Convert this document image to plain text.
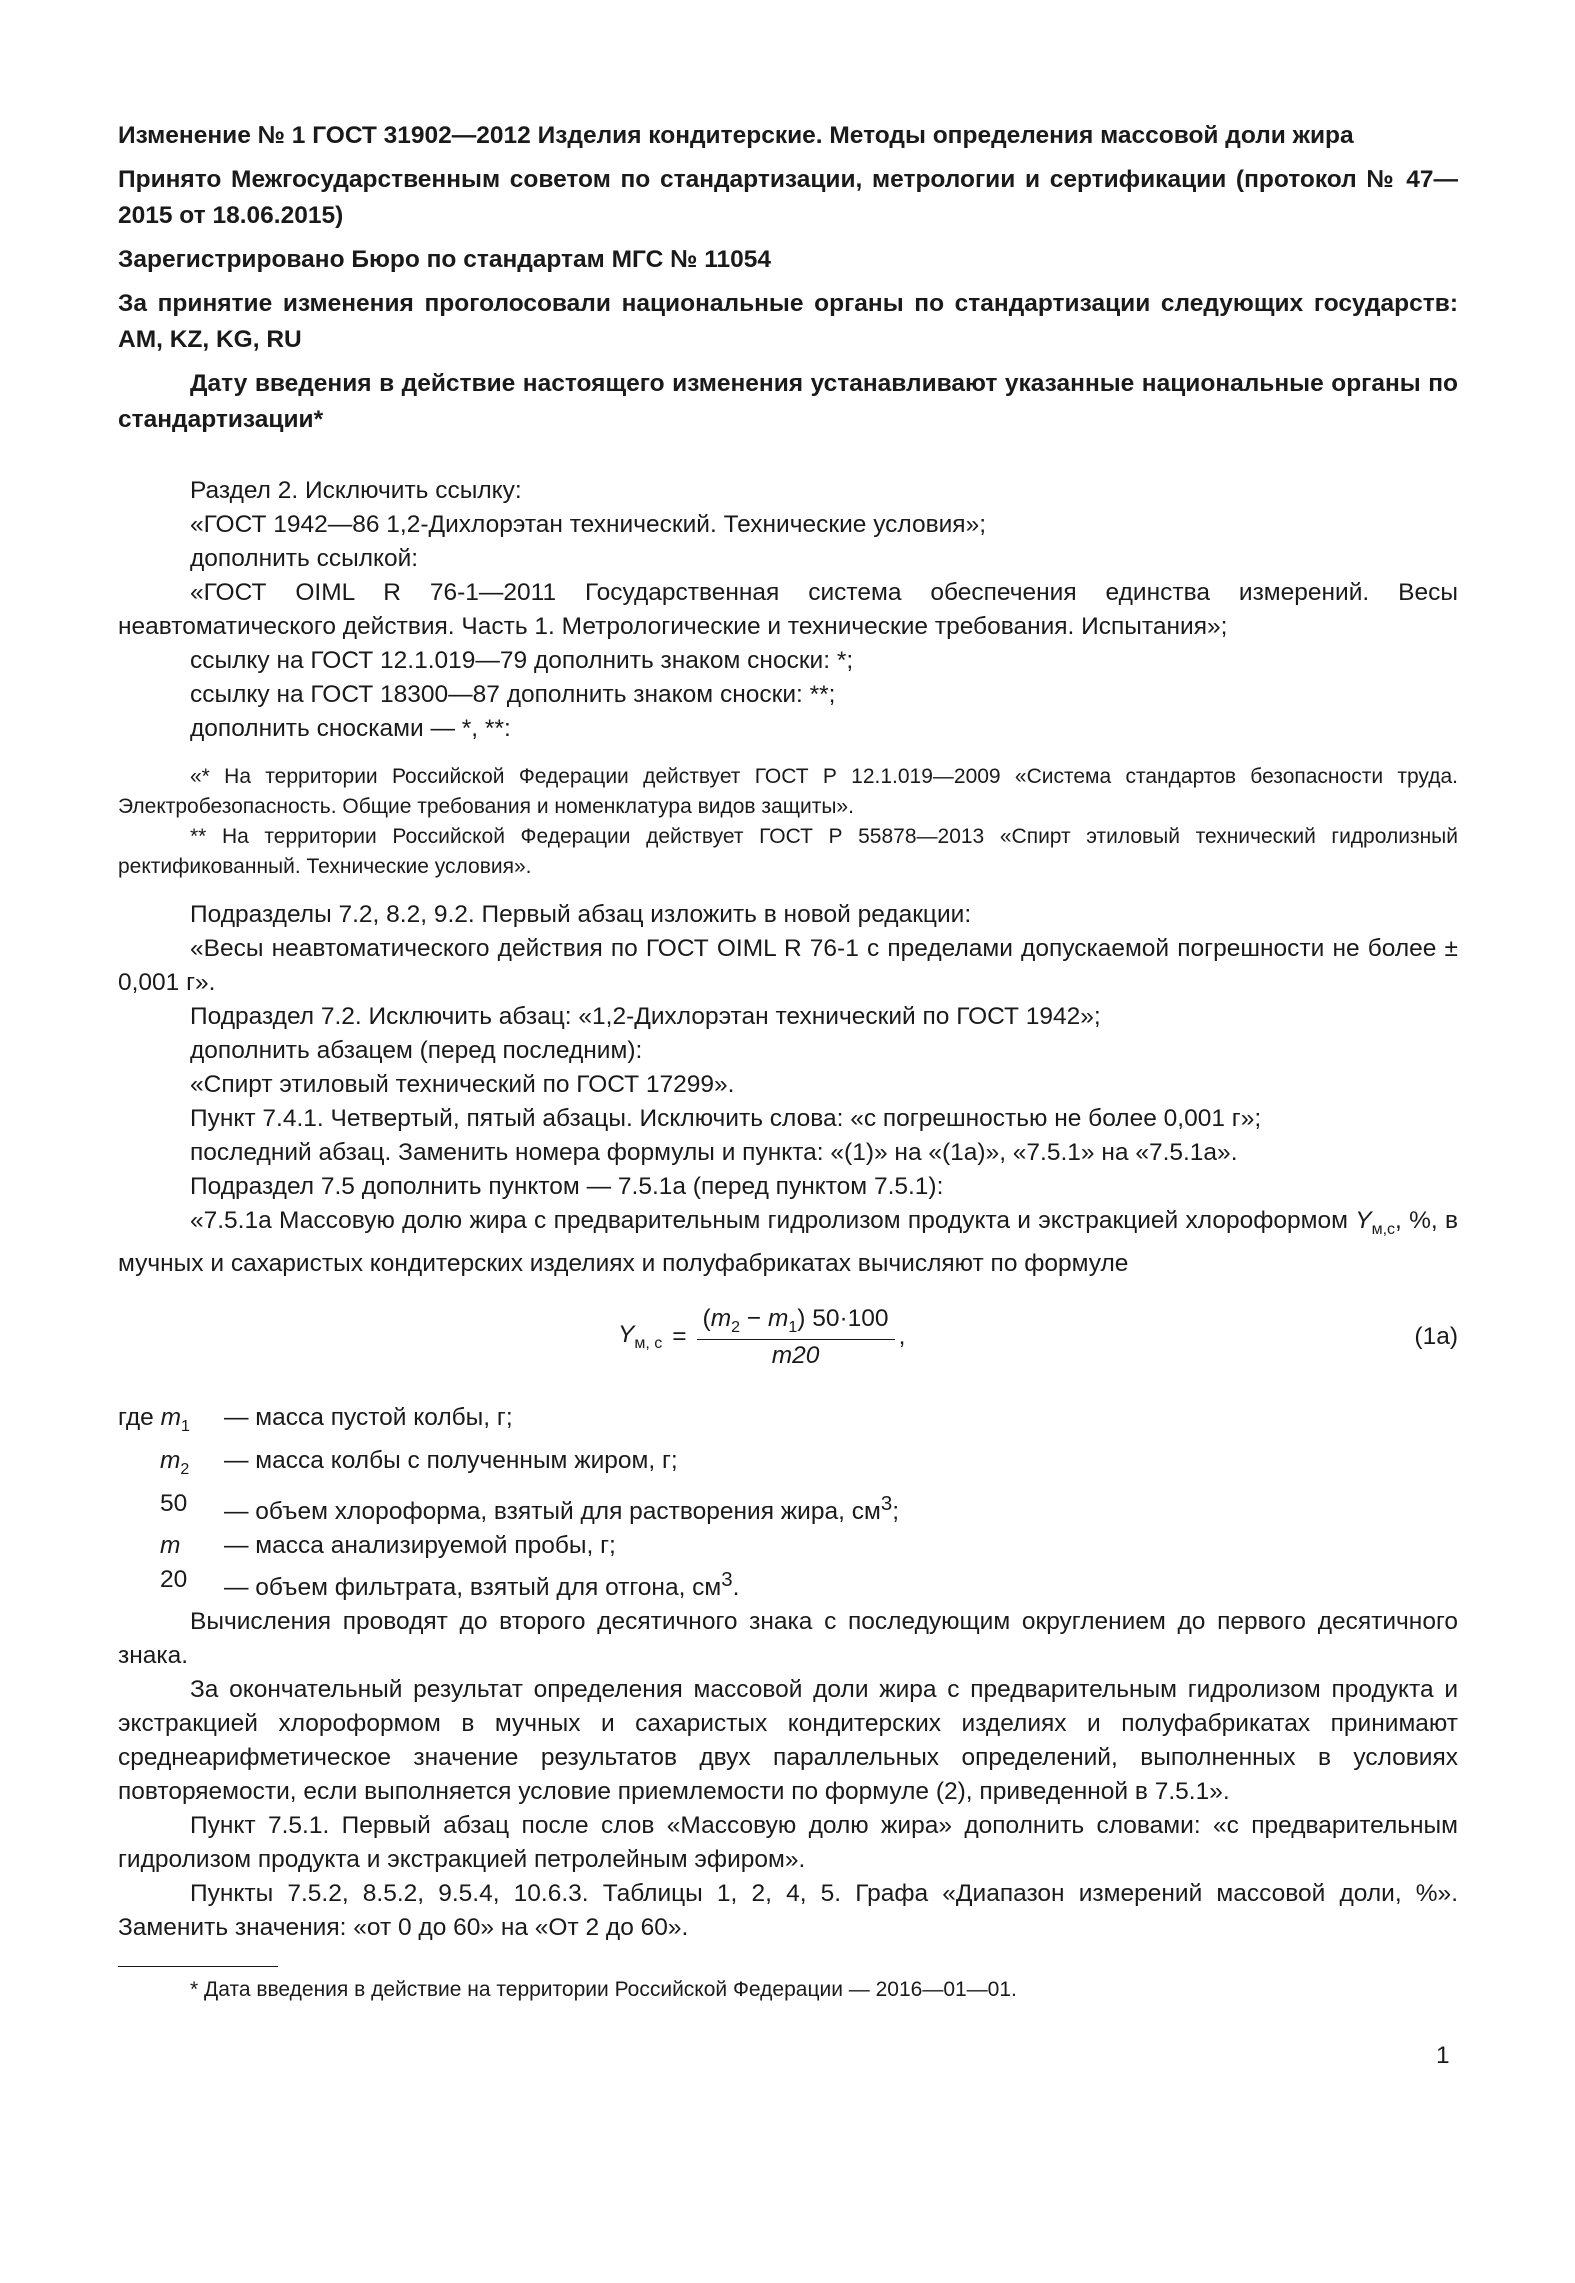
Изменение № 1 ГОСТ 31902—2012 Изделия кондитерские. Методы определения массовой доли жира
Принято Межгосударственным советом по стандартизации, метрологии и сертификации (протокол № 47—2015 от 18.06.2015)
Зарегистрировано Бюро по стандартам МГС № 11054
За принятие изменения проголосовали национальные органы по стандартизации следующих государств: AM, KZ, KG, RU
Дату введения в действие настоящего изменения устанавливают указанные национальные органы по стандартизации*

Раздел 2. Исключить ссылку:

«ГОСТ 1942—86 1,2-Дихлорэтан технический. Технические условия»;

дополнить ссылкой:

«ГОСТ OIML R 76-1—2011 Государственная система обеспечения единства измерений. Весы неавтоматического действия. Часть 1. Метрологические и технические требования. Испытания»;

ссылку на ГОСТ 12.1.019—79 дополнить знаком сноски: *;

ссылку на ГОСТ 18300—87 дополнить знаком сноски: **;

дополнить сносками — *, **:

«* На территории Российской Федерации действует ГОСТ Р 12.1.019—2009 «Система стандартов безопасности труда. Электробезопасность. Общие требования и номенклатура видов защиты».

** На территории Российской Федерации действует ГОСТ Р 55878—2013 «Спирт этиловый технический гидролизный ректификованный. Технические условия».

Подразделы 7.2, 8.2, 9.2. Первый абзац изложить в новой редакции:

«Весы неавтоматического действия по ГОСТ OIML R 76-1 с пределами допускаемой погрешности не более ± 0,001 г».

Подраздел 7.2. Исключить абзац: «1,2-Дихлорэтан технический по ГОСТ 1942»;

дополнить абзацем (перед последним):

«Спирт этиловый технический по ГОСТ 17299».

Пункт 7.4.1. Четвертый, пятый абзацы. Исключить слова: «с погрешностью не более 0,001 г»;

последний абзац. Заменить номера формулы и пункта: «(1)» на «(1а)», «7.5.1» на «7.5.1а».

Подраздел 7.5 дополнить пунктом — 7.5.1а (перед пунктом 7.5.1):

«7.5.1а Массовую долю жира с предварительным гидролизом продукта и экстракцией хлороформом $Y_{м,с}$, %, в мучных и сахаристых кондитерских изделиях и полуфабрикатах вычисляют по формуле

$Y_{м, с} = \frac{(m_2 - m_1) 50\cdot 100}{m20}$ ,	(1а)
где $m_1$	— масса пустой колбы, г;
$m_2$	— масса колбы с полученным жиром, г;
50	— объем хлороформа, взятый для растворения жира, $см^3$;
m	— масса анализируемой пробы, г;
20	— объем фильтрата, взятый для отгона, $см^3$.

Вычисления проводят до второго десятичного знака с последующим округлением до первого десятичного знака.

За окончательный результат определения массовой доли жира с предварительным гидролизом продукта и экстракцией хлороформом в мучных и сахаристых кондитерских изделиях и полуфабрикатах принимают среднеарифметическое значение результатов двух параллельных определений, выполненных в условиях повторяемости, если выполняется условие приемлемости по формуле (2), приведенной в 7.5.1».

Пункт 7.5.1. Первый абзац после слов «Массовую долю жира» дополнить словами: «с предварительным гидролизом продукта и экстракцией петролейным эфиром».

Пункты 7.5.2, 8.5.2, 9.5.4, 10.6.3. Таблицы 1, 2, 4, 5. Графа «Диапазон измерений массовой доли, %». Заменить значения: «от 0 до 60» на «От 2 до 60».

* Дата введения в действие на территории Российской Федерации — 2016—01—01.
1
